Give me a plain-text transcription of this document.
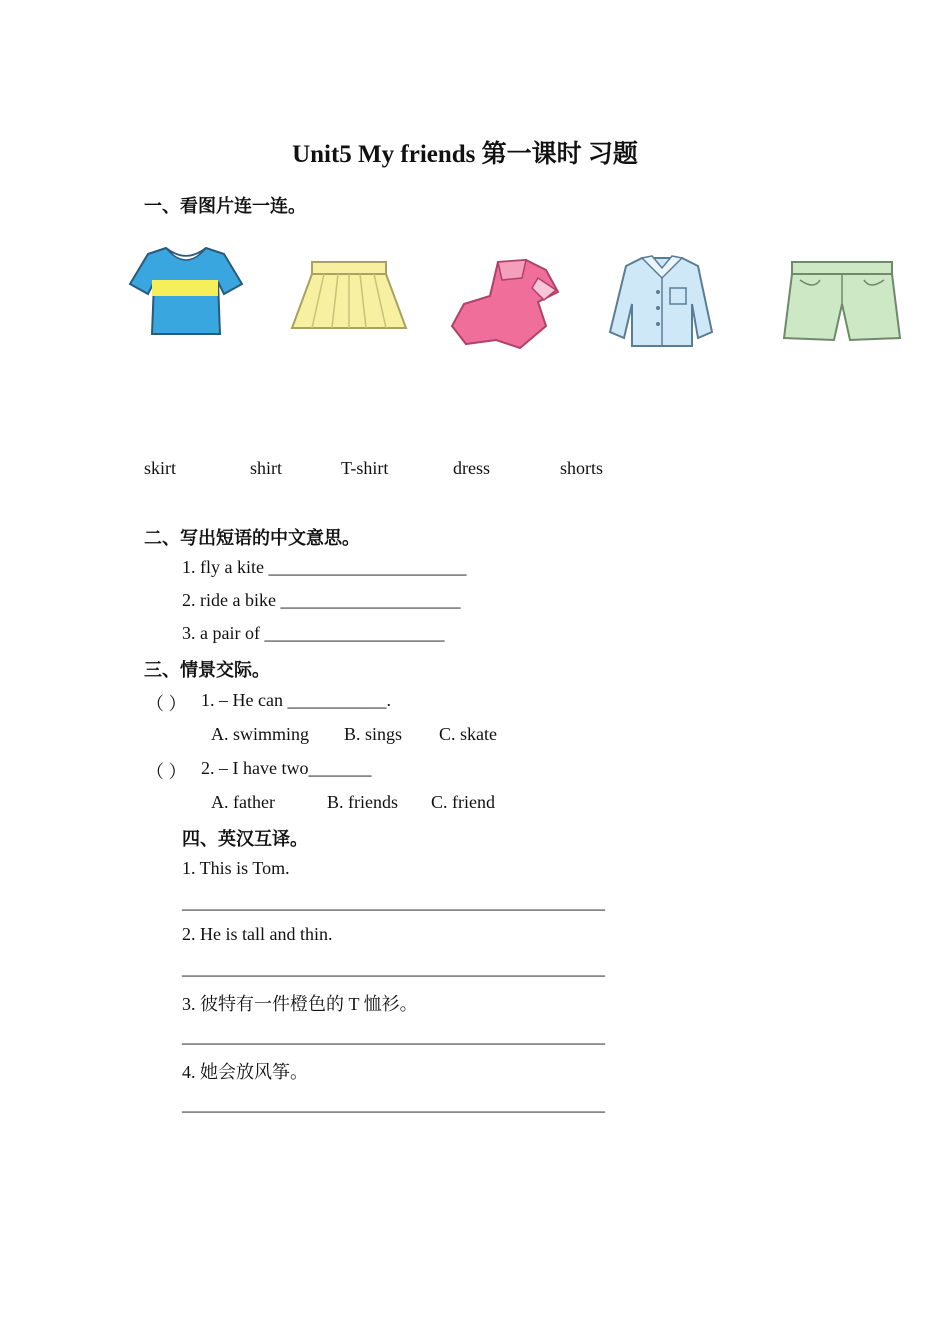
Unit5 My friends 第一课时 习题
一、看图片连一连。
skirt	shirt	T-shirt	dress	shorts
二、写出短语的中文意思。
1. fly a kite ______________________
2. ride a bike ____________________
3. a pair of ____________________
三、情景交际。
（ ） 1. – He can ___________.
A. swimming B. sings C. skate
（ ） 2. – I have two_______
A. father	B. friends C. friend
四、英汉互译。
1. This is Tom.
_______________________________________________
2. He is tall and thin.
_______________________________________________
3. 彼特有一件橙色的 T 恤衫。
_______________________________________________
4. 她会放风筝。
_______________________________________________
